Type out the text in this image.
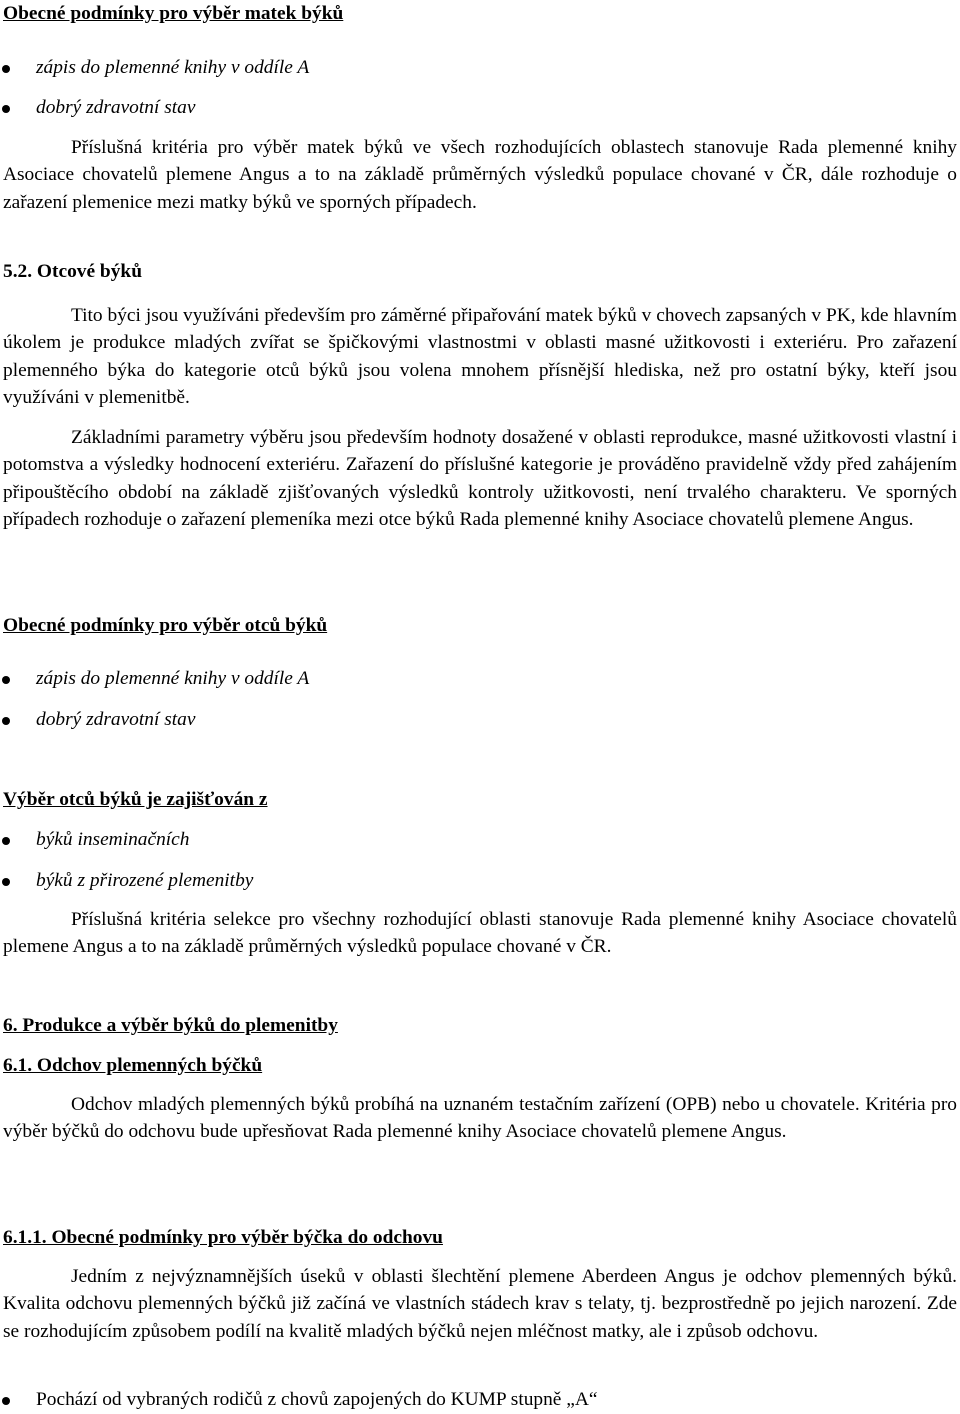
Obecné podmínky pro výběr matek býků

zápis do plemenné knihy v oddíle A
dobrý zdravotní stav

Příslušná kritéria pro výběr matek býků ve všech rozhodujících oblastech stanovuje Rada plemenné knihy Asociace chovatelů plemene Angus a to na základě průměrných výsledků populace chované v ČR, dále rozhoduje o zařazení plemenice mezi matky býků ve sporných případech.

5.2. Otcové býků

Tito býci jsou využíváni především pro záměrné připařování matek býků v chovech zapsaných v PK, kde hlavním úkolem je produkce mladých zvířat se špičkovými vlastnostmi v oblasti masné užitkovosti i exteriéru. Pro zařazení plemenného býka do kategorie otců býků jsou volena mnohem přísnější hlediska, než pro ostatní býky, kteří jsou využíváni v plemenitbě.

Základními parametry výběru jsou především hodnoty dosažené v oblasti reprodukce, masné užitkovosti vlastní i potomstva a výsledky hodnocení exteriéru. Zařazení do příslušné kategorie je prováděno pravidelně vždy před zahájením připouštěcího období na základě zjišťovaných výsledků kontroly užitkovosti, není trvalého charakteru. Ve sporných případech rozhoduje o zařazení plemeníka mezi otce býků Rada plemenné knihy Asociace chovatelů plemene Angus.

Obecné podmínky pro výběr otců býků

zápis do plemenné knihy v oddíle A
dobrý zdravotní stav

Výběr otců býků je zajišťován z

býků inseminačních
býků z přirozené plemenitby

Příslušná kritéria selekce pro všechny rozhodující oblasti stanovuje Rada plemenné knihy Asociace chovatelů plemene Angus a to na základě průměrných výsledků populace chované v ČR.

6. Produkce a výběr býků do plemenitby

6.1. Odchov plemenných býčků

Odchov mladých plemenných býků probíhá na uznaném testačním zařízení (OPB) nebo u chovatele. Kritéria pro výběr býčků do odchovu bude upřesňovat Rada plemenné knihy Asociace chovatelů plemene Angus.

6.1.1. Obecné podmínky pro výběr býčka do odchovu

Jedním z nejvýznamnějších úseků v oblasti šlechtění plemene Aberdeen Angus je odchov plemenných býků. Kvalita odchovu plemenných býčků již začíná ve vlastních stádech krav s telaty, tj. bezprostředně po jejich narození. Zde se rozhodujícím způsobem podílí na kvalitě mladých býčků nejen mléčnost matky, ale i způsob odchovu.

Pochází od vybraných rodičů z chovů zapojených do KUMP stupně „A“
